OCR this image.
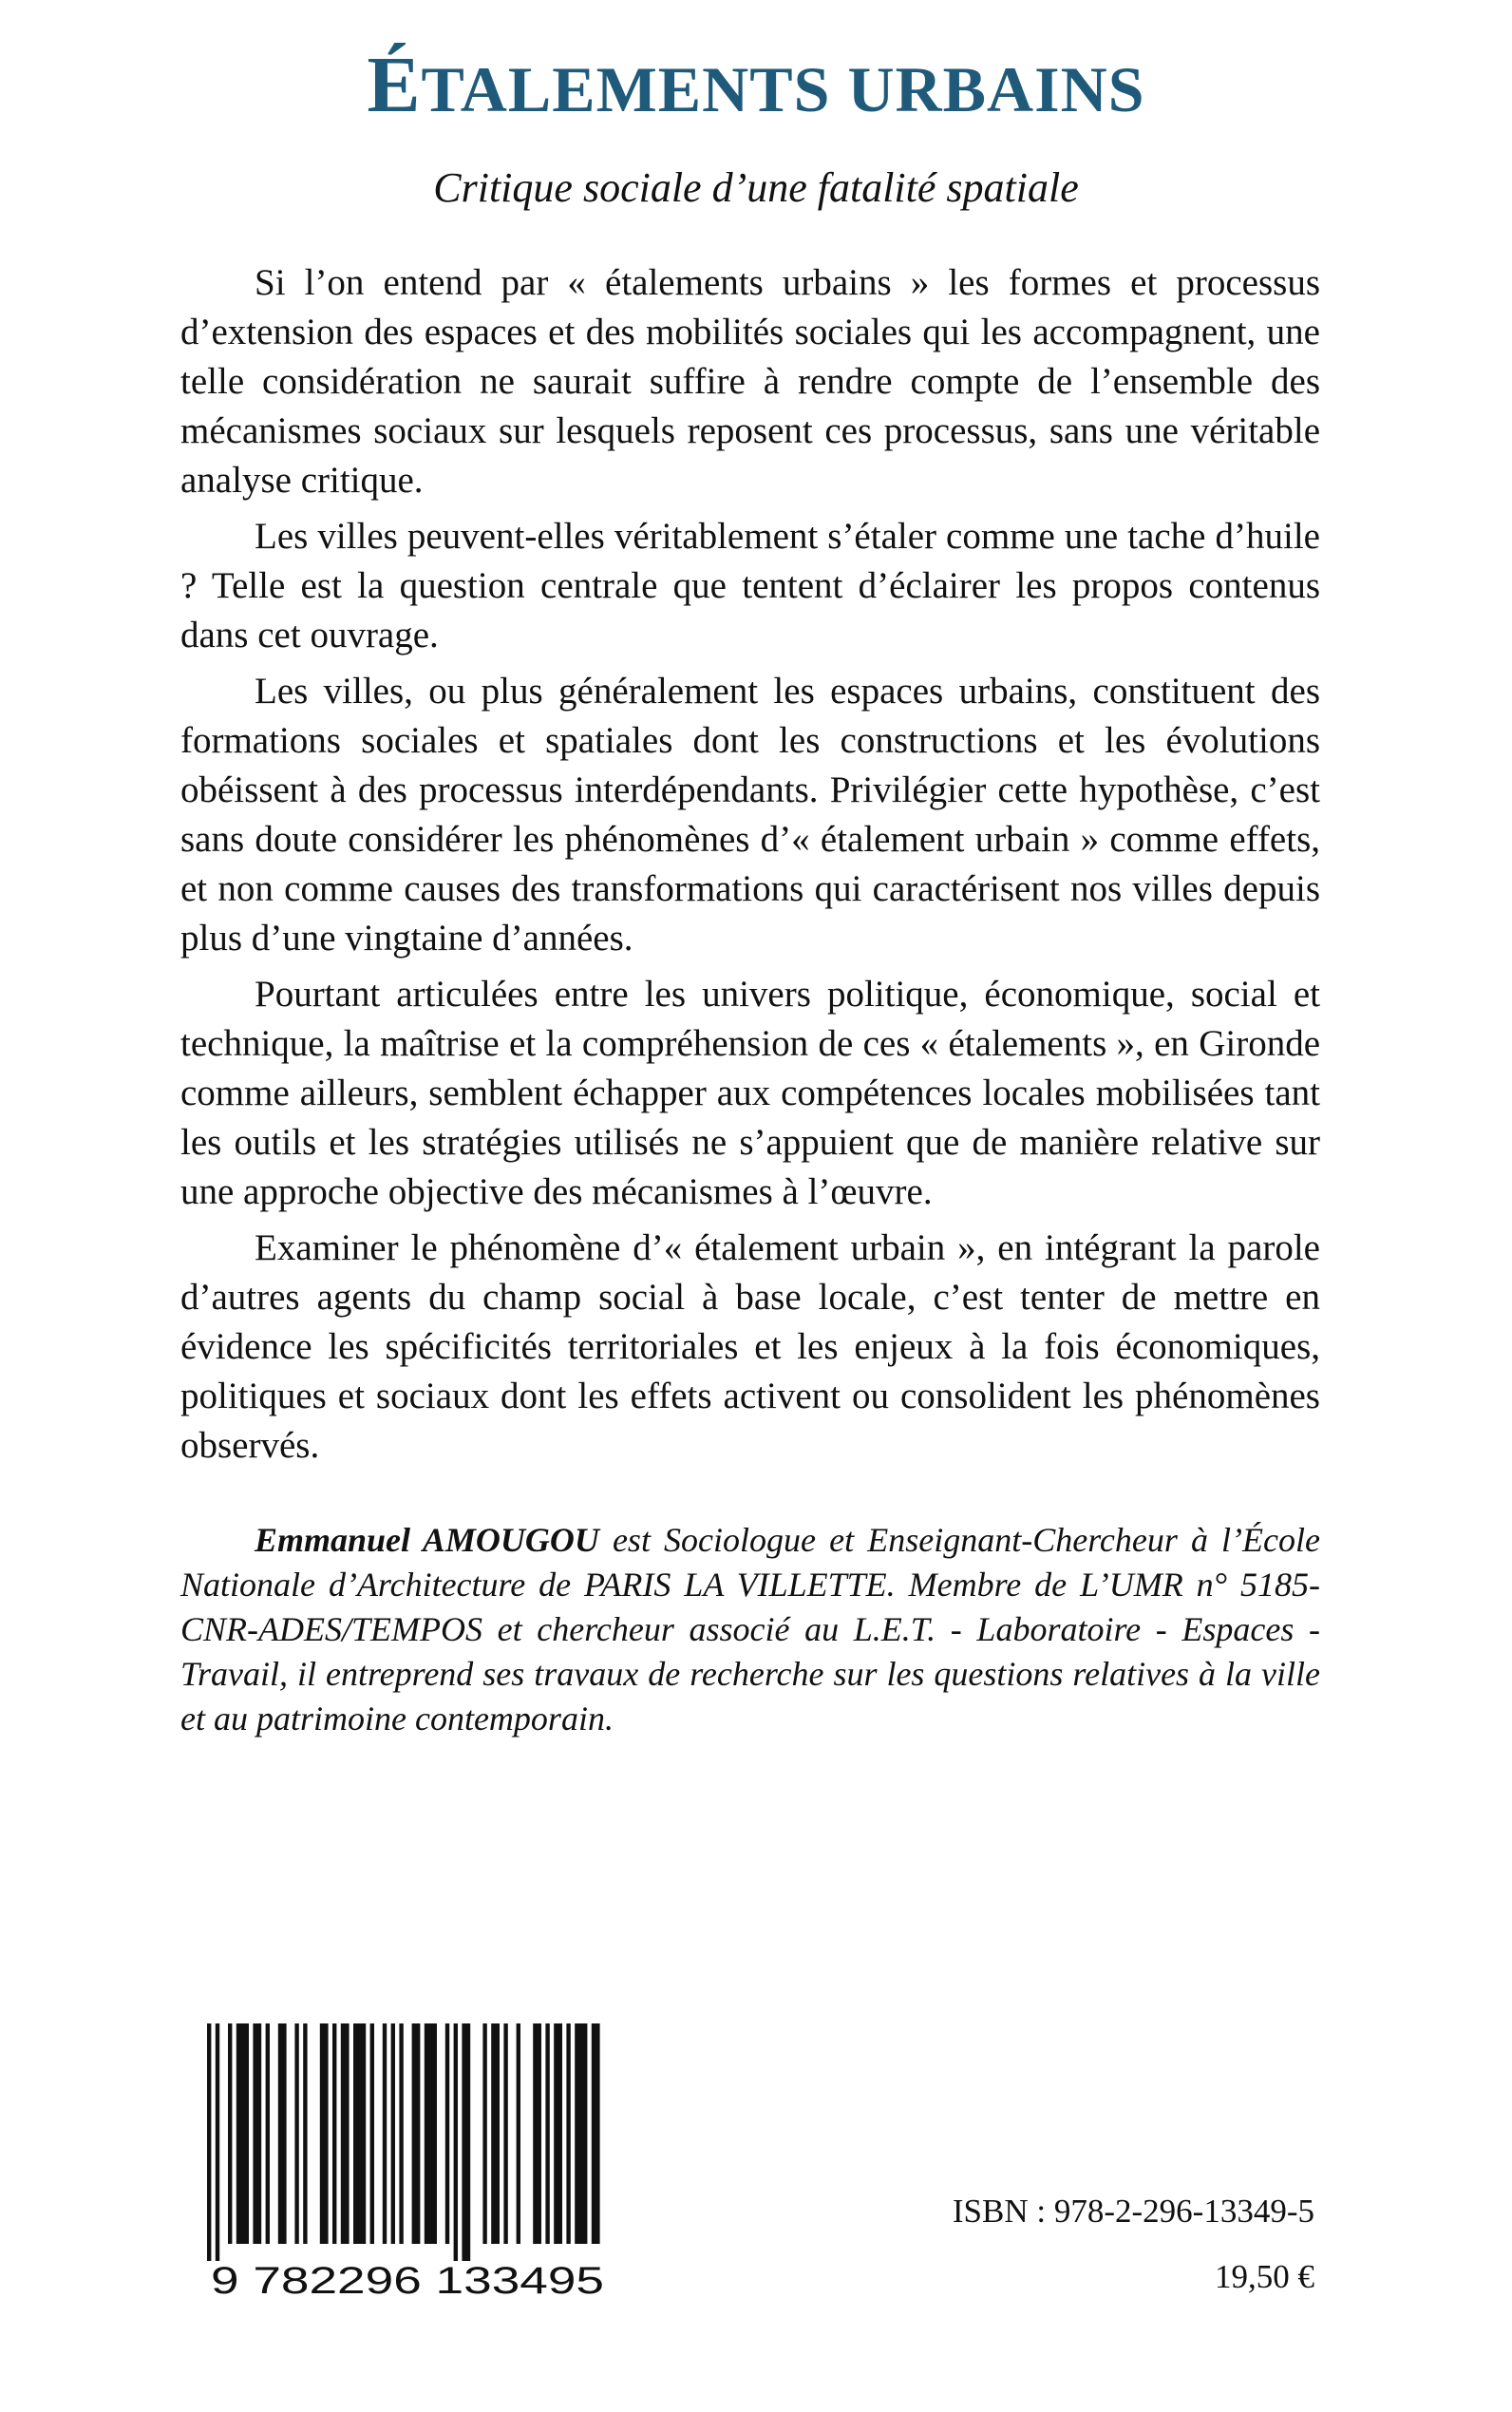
ÉTALEMENTS URBAINS
Critique sociale d’une fatalité spatiale

Si l’on entend par « étalements urbains » les formes et processus d’extension des espaces et des mobilités sociales qui les accompagnent, une telle considération ne saurait suffire à rendre compte de l’ensemble des mécanismes sociaux sur lesquels reposent ces processus, sans une véritable analyse critique.

Les villes peuvent-elles véritablement s’étaler comme une tache d’huile ? Telle est la question centrale que tentent d’éclairer les propos contenus dans cet ouvrage.

Les villes, ou plus généralement les espaces urbains, constituent des formations sociales et spatiales dont les constructions et les évolutions obéissent à des processus interdépendants. Privilégier cette hypothèse, c’est sans doute considérer les phénomènes d’« étalement urbain » comme effets, et non comme causes des transformations qui caractérisent nos villes depuis plus d’une vingtaine d’années.

Pourtant articulées entre les univers politique, économique, social et technique, la maîtrise et la compréhension de ces « étalements », en Gironde comme ailleurs, semblent échapper aux compétences locales mobilisées tant les outils et les stratégies utilisés ne s’appuient que de manière relative sur une approche objective des mécanismes à l’œuvre.

Examiner le phénomène d’« étalement urbain », en intégrant la parole d’autres agents du champ social à base locale, c’est tenter de mettre en évidence les spécificités territoriales et les enjeux à la fois économiques, politiques et sociaux dont les effets activent ou consolident les phénomènes observés.

Emmanuel AMOUGOU est Sociologue et Enseignant-Chercheur à l’École Nationale d’Architecture de PARIS LA VILLETTE. Membre de L’UMR n° 5185-CNR-ADES/TEMPOS et chercheur associé au L.E.T. - Laboratoire - Espaces - Travail, il entreprend ses travaux de recherche sur les questions relatives à la ville et au patrimoine contemporain.
9 782296 133495
ISBN : 978-2-296-13349-5
19,50 €
